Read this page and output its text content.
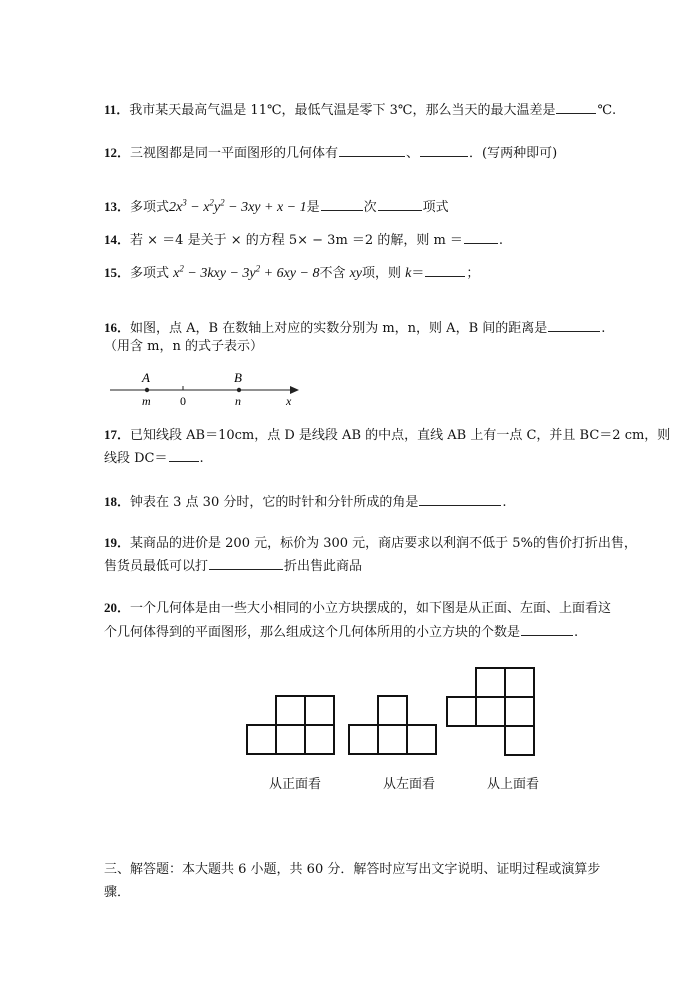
11．我市某天最高气温是 11℃，最低气温是零下 3℃，那么当天的最大温差是	℃.
12．三视图都是同一平面图形的几何体有	、	．(写两种即可)
13．多项式$2x^3 - x^2y^2 - 3xy + x - 1$是	次	项式
14．若 × ＝4 是关于 × 的方程 5× − 3m ＝2 的解，则 m ＝	.
15．多项式 $x^2 - 3kxy - 3y^2 + 6xy - 8$不含 xy项，则 k＝	；
16．如图，点 A，B 在数轴上对应的实数分别为 m，n，则 A，B 间的距离是	.
（用含 m，n 的式子表示）
A	B
m 0	n	x
17．已知线段 AB＝10cm，点 D 是线段 AB 的中点，直线 AB 上有一点 C，并且 BC＝2 cm，则
线段 DC＝ .
18．钟表在 3 点 30 分时，它的时针和分针所成的角是	.
19．某商品的进价是 200 元，标价为 300 元，商店要求以利润不低于 5%的售价打折出售，
售货员最低可以打	折出售此商品
20．一个几何体是由一些大小相同的小立方块摆成的，如下图是从正面、左面、上面看这
个几何体得到的平面图形，那么组成这个几何体所用的小立方块的个数是	.
从正面看	从左面看	从上面看
三、解答题：本大题共 6 小题，共 60 分．解答时应写出文字说明、证明过程或演算步
骤．
